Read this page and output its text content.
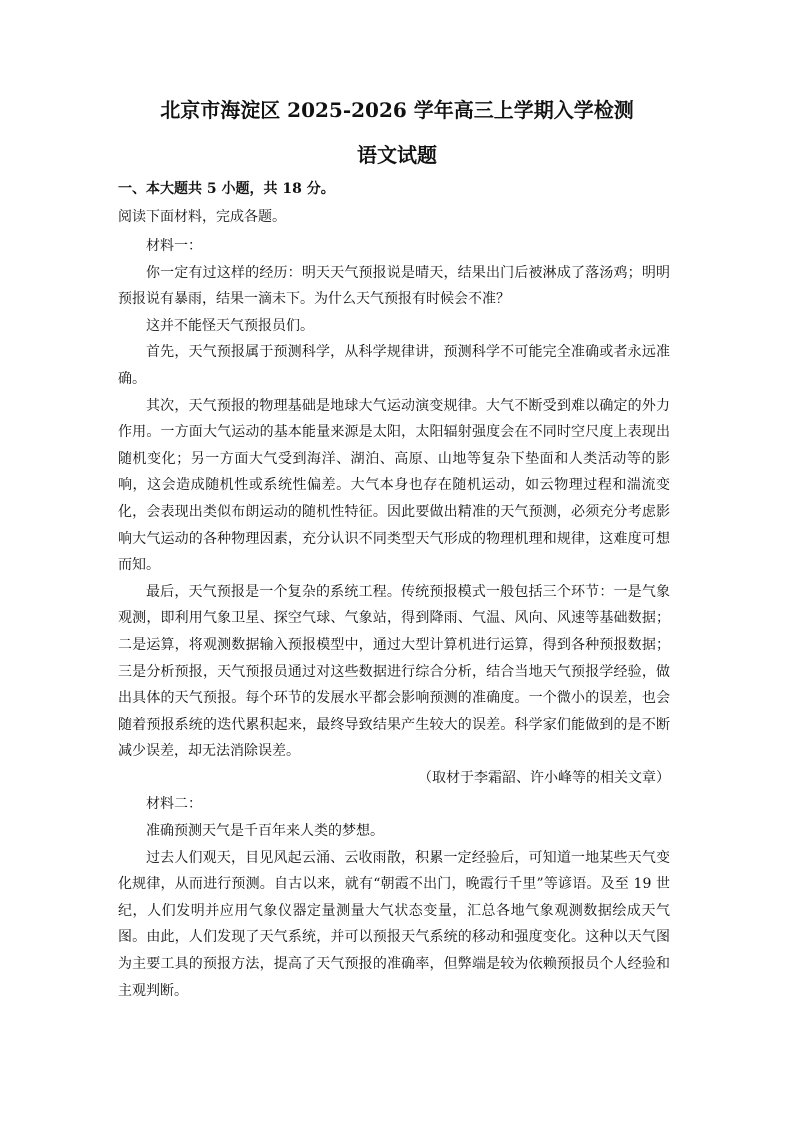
北京市海淀区 2025-2026 学年高三上学期入学检测
语文试题
一、本大题共 5 小题，共 18 分。
阅读下面材料，完成各题。

材料一：

你一定有过这样的经历：明天天气预报说是晴天，结果出门后被淋成了落汤鸡；明明预报说有暴雨，结果一滴未下。为什么天气预报有时候会不准？

这并不能怪天气预报员们。

首先，天气预报属于预测科学，从科学规律讲，预测科学不可能完全准确或者永远准确。

其次，天气预报的物理基础是地球大气运动演变规律。大气不断受到难以确定的外力作用。一方面大气运动的基本能量来源是太阳，太阳辐射强度会在不同时空尺度上表现出随机变化；另一方面大气受到海洋、湖泊、高原、山地等复杂下垫面和人类活动等的影响，这会造成随机性或系统性偏差。大气本身也存在随机运动，如云物理过程和湍流变化，会表现出类似布朗运动的随机性特征。因此要做出精准的天气预测，必须充分考虑影响大气运动的各种物理因素，充分认识不同类型天气形成的物理机理和规律，这难度可想而知。

最后，天气预报是一个复杂的系统工程。传统预报模式一般包括三个环节：一是气象观测，即利用气象卫星、探空气球、气象站，得到降雨、气温、风向、风速等基础数据；二是运算，将观测数据输入预报模型中，通过大型计算机进行运算，得到各种预报数据；三是分析预报，天气预报员通过对这些数据进行综合分析，结合当地天气预报学经验，做出具体的天气预报。每个环节的发展水平都会影响预测的准确度。一个微小的误差，也会随着预报系统的迭代累积起来，最终导致结果产生较大的误差。科学家们能做到的是不断减少误差，却无法消除误差。

（取材于李霜韶、许小峰等的相关文章）

材料二：

准确预测天气是千百年来人类的梦想。

过去人们观天，目见风起云涌、云收雨散，积累一定经验后，可知道一地某些天气变化规律，从而进行预测。自古以来，就有“朝霞不出门，晚霞行千里”等谚语。及至 19 世纪，人们发明并应用气象仪器定量测量大气状态变量，汇总各地气象观测数据绘成天气图。由此，人们发现了天气系统，并可以预报天气系统的移动和强度变化。这种以天气图为主要工具的预报方法，提高了天气预报的准确率，但弊端是较为依赖预报员个人经验和主观判断。
